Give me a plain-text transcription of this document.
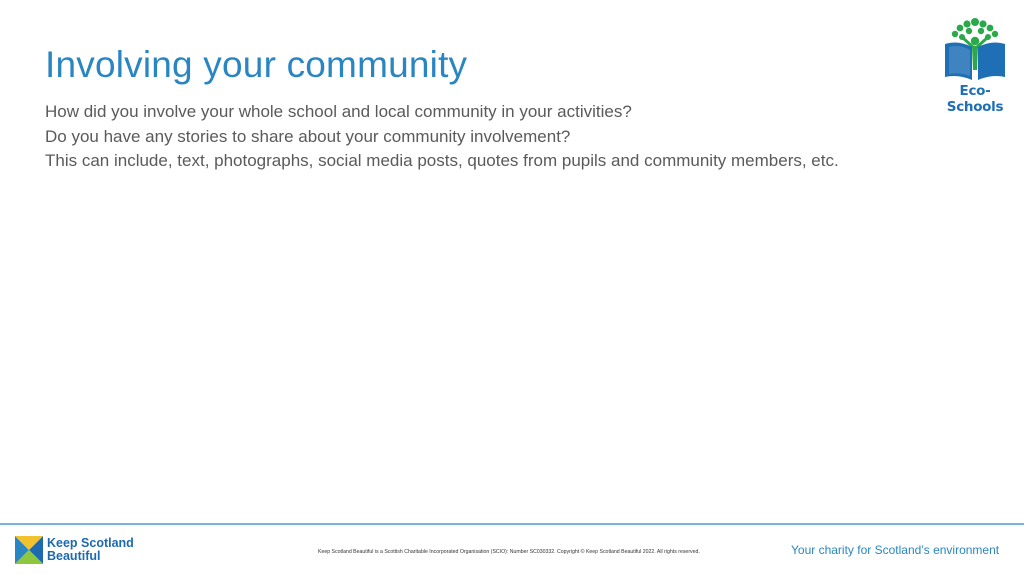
Involving your community
How did you involve your whole school and local community in your activities?
Do you have any stories to share about your community involvement?
This can include, text, photographs, social media posts, quotes from pupils and community members, etc.
Eco-Schools
Keep Scotland
Beautiful	Keep Scotland Beautiful is a Scottish Charitable Incorporated Organisation (SCIO): Number SC030332. Copyright © Keep Scotland Beautiful 2022. All rights reserved.	Your charity for Scotland’s environment
